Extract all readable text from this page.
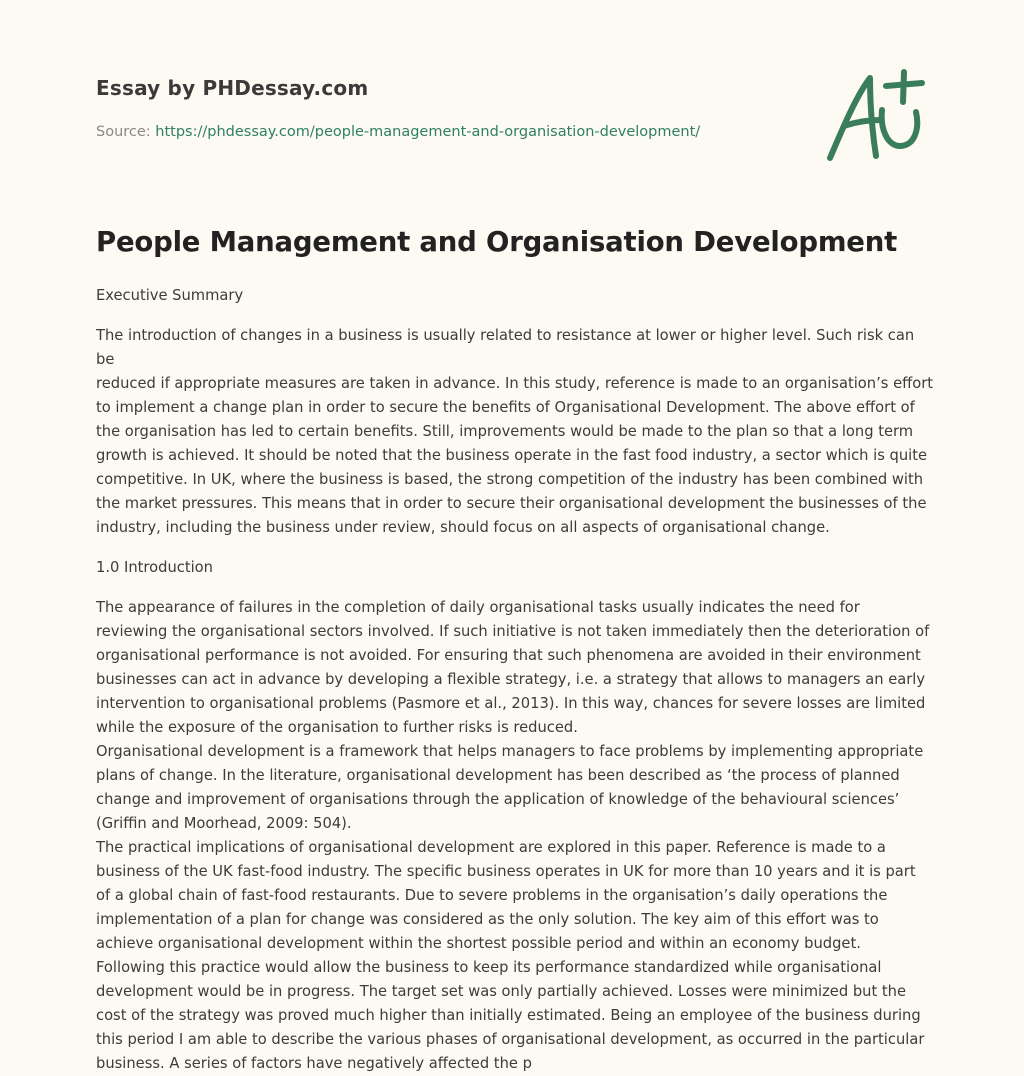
Essay by PHDessay.com
Source: https://phdessay.com/people-management-and-organisation-development/
People Management and Organisation Development

Executive Summary

The introduction of changes in a business is usually related to resistance at lower or higher level. Such risk can be
reduced if appropriate measures are taken in advance. In this study, reference is made to an organisation’s effort
to implement a change plan in order to secure the benefits of Organisational Development. The above effort of
the organisation has led to certain benefits. Still, improvements would be made to the plan so that a long term
growth is achieved. It should be noted that the business operate in the fast food industry, a sector which is quite
competitive. In UK, where the business is based, the strong competition of the industry has been combined with
the market pressures. This means that in order to secure their organisational development the businesses of the
industry, including the business under review, should focus on all aspects of organisational change.

1.0 Introduction

The appearance of failures in the completion of daily organisational tasks usually indicates the need for
reviewing the organisational sectors involved. If such initiative is not taken immediately then the deterioration of
organisational performance is not avoided. For ensuring that such phenomena are avoided in their environment
businesses can act in advance by developing a flexible strategy, i.e. a strategy that allows to managers an early
intervention to organisational problems (Pasmore et al., 2013). In this way, chances for severe losses are limited
while the exposure of the organisation to further risks is reduced.
Organisational development is a framework that helps managers to face problems by implementing appropriate
plans of change. In the literature, organisational development has been described as ‘the process of planned
change and improvement of organisations through the application of knowledge of the behavioural sciences’
(Griffin and Moorhead, 2009: 504).
The practical implications of organisational development are explored in this paper. Reference is made to a
business of the UK fast-food industry. The specific business operates in UK for more than 10 years and it is part
of a global chain of fast-food restaurants. Due to severe problems in the organisation’s daily operations the
implementation of a plan for change was considered as the only solution. The key aim of this effort was to
achieve organisational development within the shortest possible period and within an economy budget.
Following this practice would allow the business to keep its performance standardized while organisational
development would be in progress. The target set was only partially achieved. Losses were minimized but the
cost of the strategy was proved much higher than initially estimated. Being an employee of the business during
this period I am able to describe the various phases of organisational development, as occurred in the particular
business. A series of factors have negatively affected the p
